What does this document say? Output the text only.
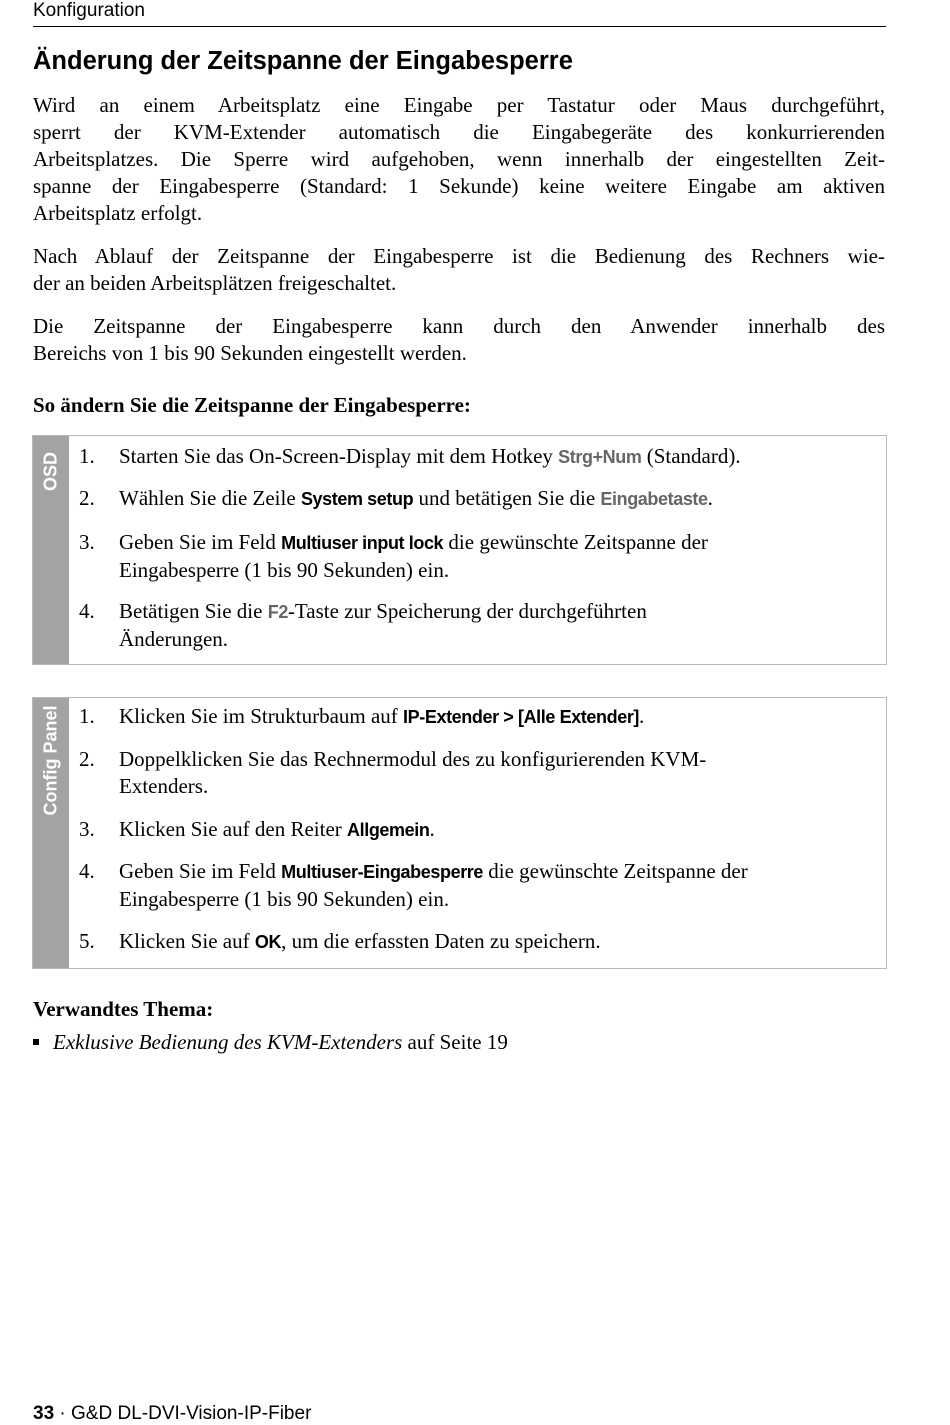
Konfiguration
Änderung der Zeitspanne der Eingabesperre
Wird an einem Arbeitsplatz eine Eingabe per Tastatur oder Maus durchgeführt,
sperrt der KVM-Extender automatisch die Eingabegeräte des konkurrierenden
Arbeitsplatzes. Die Sperre wird aufgehoben, wenn innerhalb der eingestellten Zeit-
spanne der Eingabesperre (Standard: 1 Sekunde) keine weitere Eingabe am aktiven
Arbeitsplatz erfolgt.
Nach Ablauf der Zeitspanne der Eingabesperre ist die Bedienung des Rechners wie-
der an beiden Arbeitsplätzen freigeschaltet.
Die Zeitspanne der Eingabesperre kann durch den Anwender innerhalb des
Bereichs von 1 bis 90 Sekunden eingestellt werden.
So ändern Sie die Zeitspanne der Eingabesperre:
OSD 1.	Starten Sie das On-Screen-Display mit dem Hotkey Strg+Num (Standard).
2.	Wählen Sie die Zeile System setup und betätigen Sie die Eingabetaste.
3.	Geben Sie im Feld Multiuser input lock die gewünschte Zeitspanne der
Eingabesperre (1 bis 90 Sekunden) ein.
4.	Betätigen Sie die F2-Taste zur Speicherung der durchgeführten
Änderungen.
Config Panel 1.	Klicken Sie im Strukturbaum auf IP-Extender > [Alle Extender].
2.	Doppelklicken Sie das Rechnermodul des zu konfigurierenden KVM-
Extenders.
3.	Klicken Sie auf den Reiter Allgemein.
4.	Geben Sie im Feld Multiuser-Eingabesperre die gewünschte Zeitspanne der
Eingabesperre (1 bis 90 Sekunden) ein.
5.	Klicken Sie auf OK, um die erfassten Daten zu speichern.
Verwandtes Thema:
Exklusive Bedienung des KVM-Extenders auf Seite 19
33 · G&D DL-DVI-Vision-IP-Fiber
